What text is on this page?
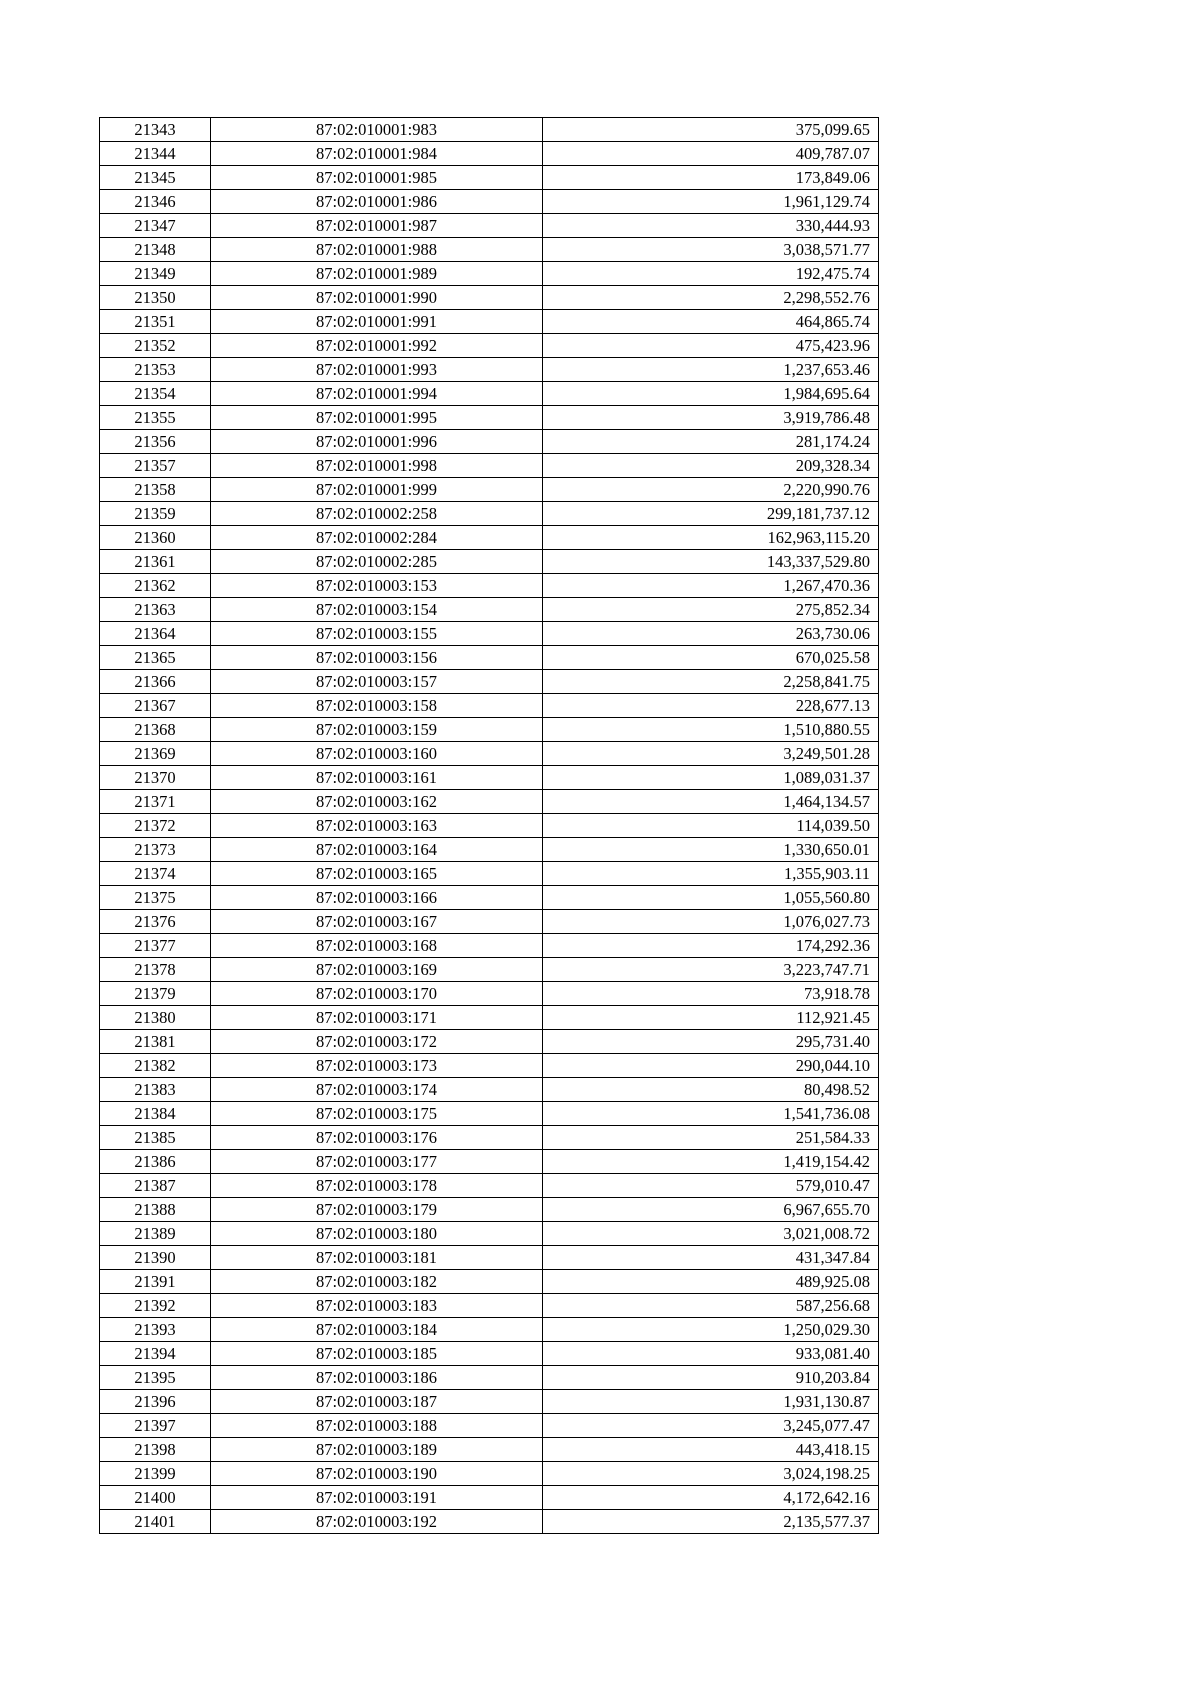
21343	87:02:010001:983	375,099.65
21344	87:02:010001:984	409,787.07
21345	87:02:010001:985	173,849.06
21346	87:02:010001:986	1,961,129.74
21347	87:02:010001:987	330,444.93
21348	87:02:010001:988	3,038,571.77
21349	87:02:010001:989	192,475.74
21350	87:02:010001:990	2,298,552.76
21351	87:02:010001:991	464,865.74
21352	87:02:010001:992	475,423.96
21353	87:02:010001:993	1,237,653.46
21354	87:02:010001:994	1,984,695.64
21355	87:02:010001:995	3,919,786.48
21356	87:02:010001:996	281,174.24
21357	87:02:010001:998	209,328.34
21358	87:02:010001:999	2,220,990.76
21359	87:02:010002:258	299,181,737.12
21360	87:02:010002:284	162,963,115.20
21361	87:02:010002:285	143,337,529.80
21362	87:02:010003:153	1,267,470.36
21363	87:02:010003:154	275,852.34
21364	87:02:010003:155	263,730.06
21365	87:02:010003:156	670,025.58
21366	87:02:010003:157	2,258,841.75
21367	87:02:010003:158	228,677.13
21368	87:02:010003:159	1,510,880.55
21369	87:02:010003:160	3,249,501.28
21370	87:02:010003:161	1,089,031.37
21371	87:02:010003:162	1,464,134.57
21372	87:02:010003:163	114,039.50
21373	87:02:010003:164	1,330,650.01
21374	87:02:010003:165	1,355,903.11
21375	87:02:010003:166	1,055,560.80
21376	87:02:010003:167	1,076,027.73
21377	87:02:010003:168	174,292.36
21378	87:02:010003:169	3,223,747.71
21379	87:02:010003:170	73,918.78
21380	87:02:010003:171	112,921.45
21381	87:02:010003:172	295,731.40
21382	87:02:010003:173	290,044.10
21383	87:02:010003:174	80,498.52
21384	87:02:010003:175	1,541,736.08
21385	87:02:010003:176	251,584.33
21386	87:02:010003:177	1,419,154.42
21387	87:02:010003:178	579,010.47
21388	87:02:010003:179	6,967,655.70
21389	87:02:010003:180	3,021,008.72
21390	87:02:010003:181	431,347.84
21391	87:02:010003:182	489,925.08
21392	87:02:010003:183	587,256.68
21393	87:02:010003:184	1,250,029.30
21394	87:02:010003:185	933,081.40
21395	87:02:010003:186	910,203.84
21396	87:02:010003:187	1,931,130.87
21397	87:02:010003:188	3,245,077.47
21398	87:02:010003:189	443,418.15
21399	87:02:010003:190	3,024,198.25
21400	87:02:010003:191	4,172,642.16
21401	87:02:010003:192	2,135,577.37
